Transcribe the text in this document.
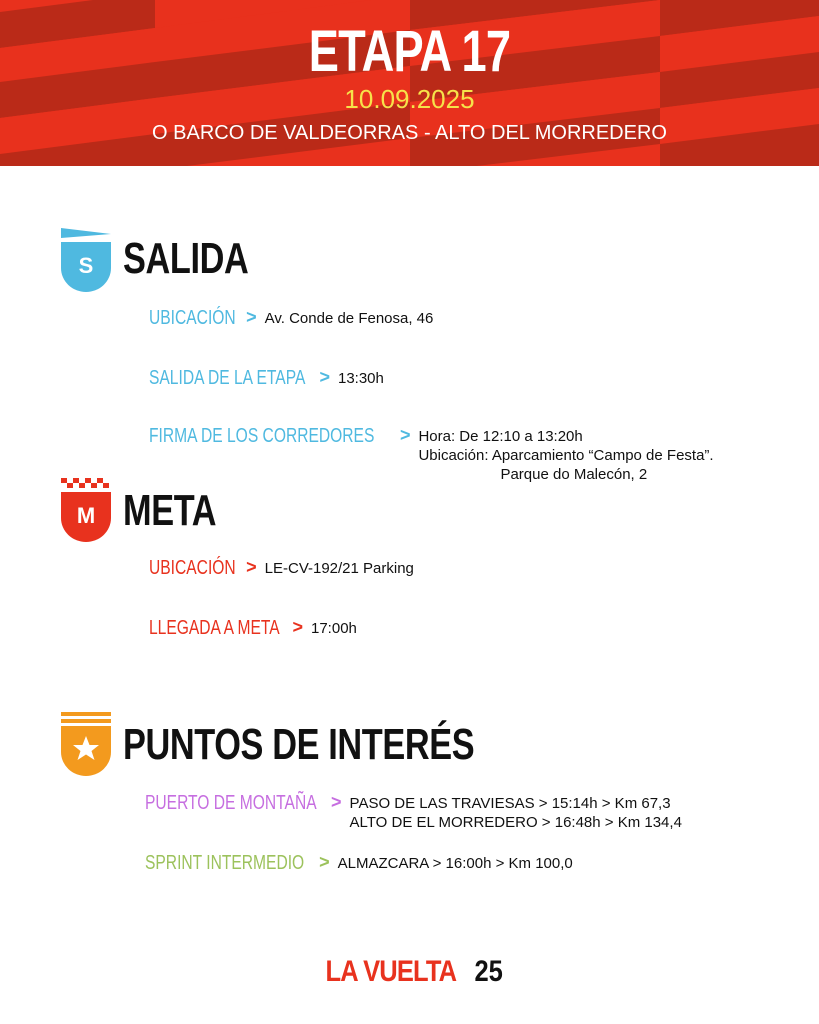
ETAPA 17
10.09.2025
O BARCO DE VALDEORRAS - ALTO DEL MORREDERO
S SALIDA
UBICACIÓN > Av. Conde de Fenosa, 46
SALIDA DE LA ETAPA > 13:30h
FIRMA DE LOS CORREDORES > Hora: De 12:10 a 13:20h
Ubicación: Aparcamiento “Campo de Festa”.
Parque do Malecón, 2
M META
UBICACIÓN > LE-CV-192/21 Parking
LLEGADA A META > 17:00h
PUNTOS DE INTERÉS
PUERTO DE MONTAÑA > PASO DE LAS TRAVIESAS > 15:14h > Km 67,3
ALTO DE EL MORREDERO > 16:48h > Km 134,4
SPRINT INTERMEDIO > ALMAZCARA > 16:00h > Km 100,0
LA VUELTA 25
